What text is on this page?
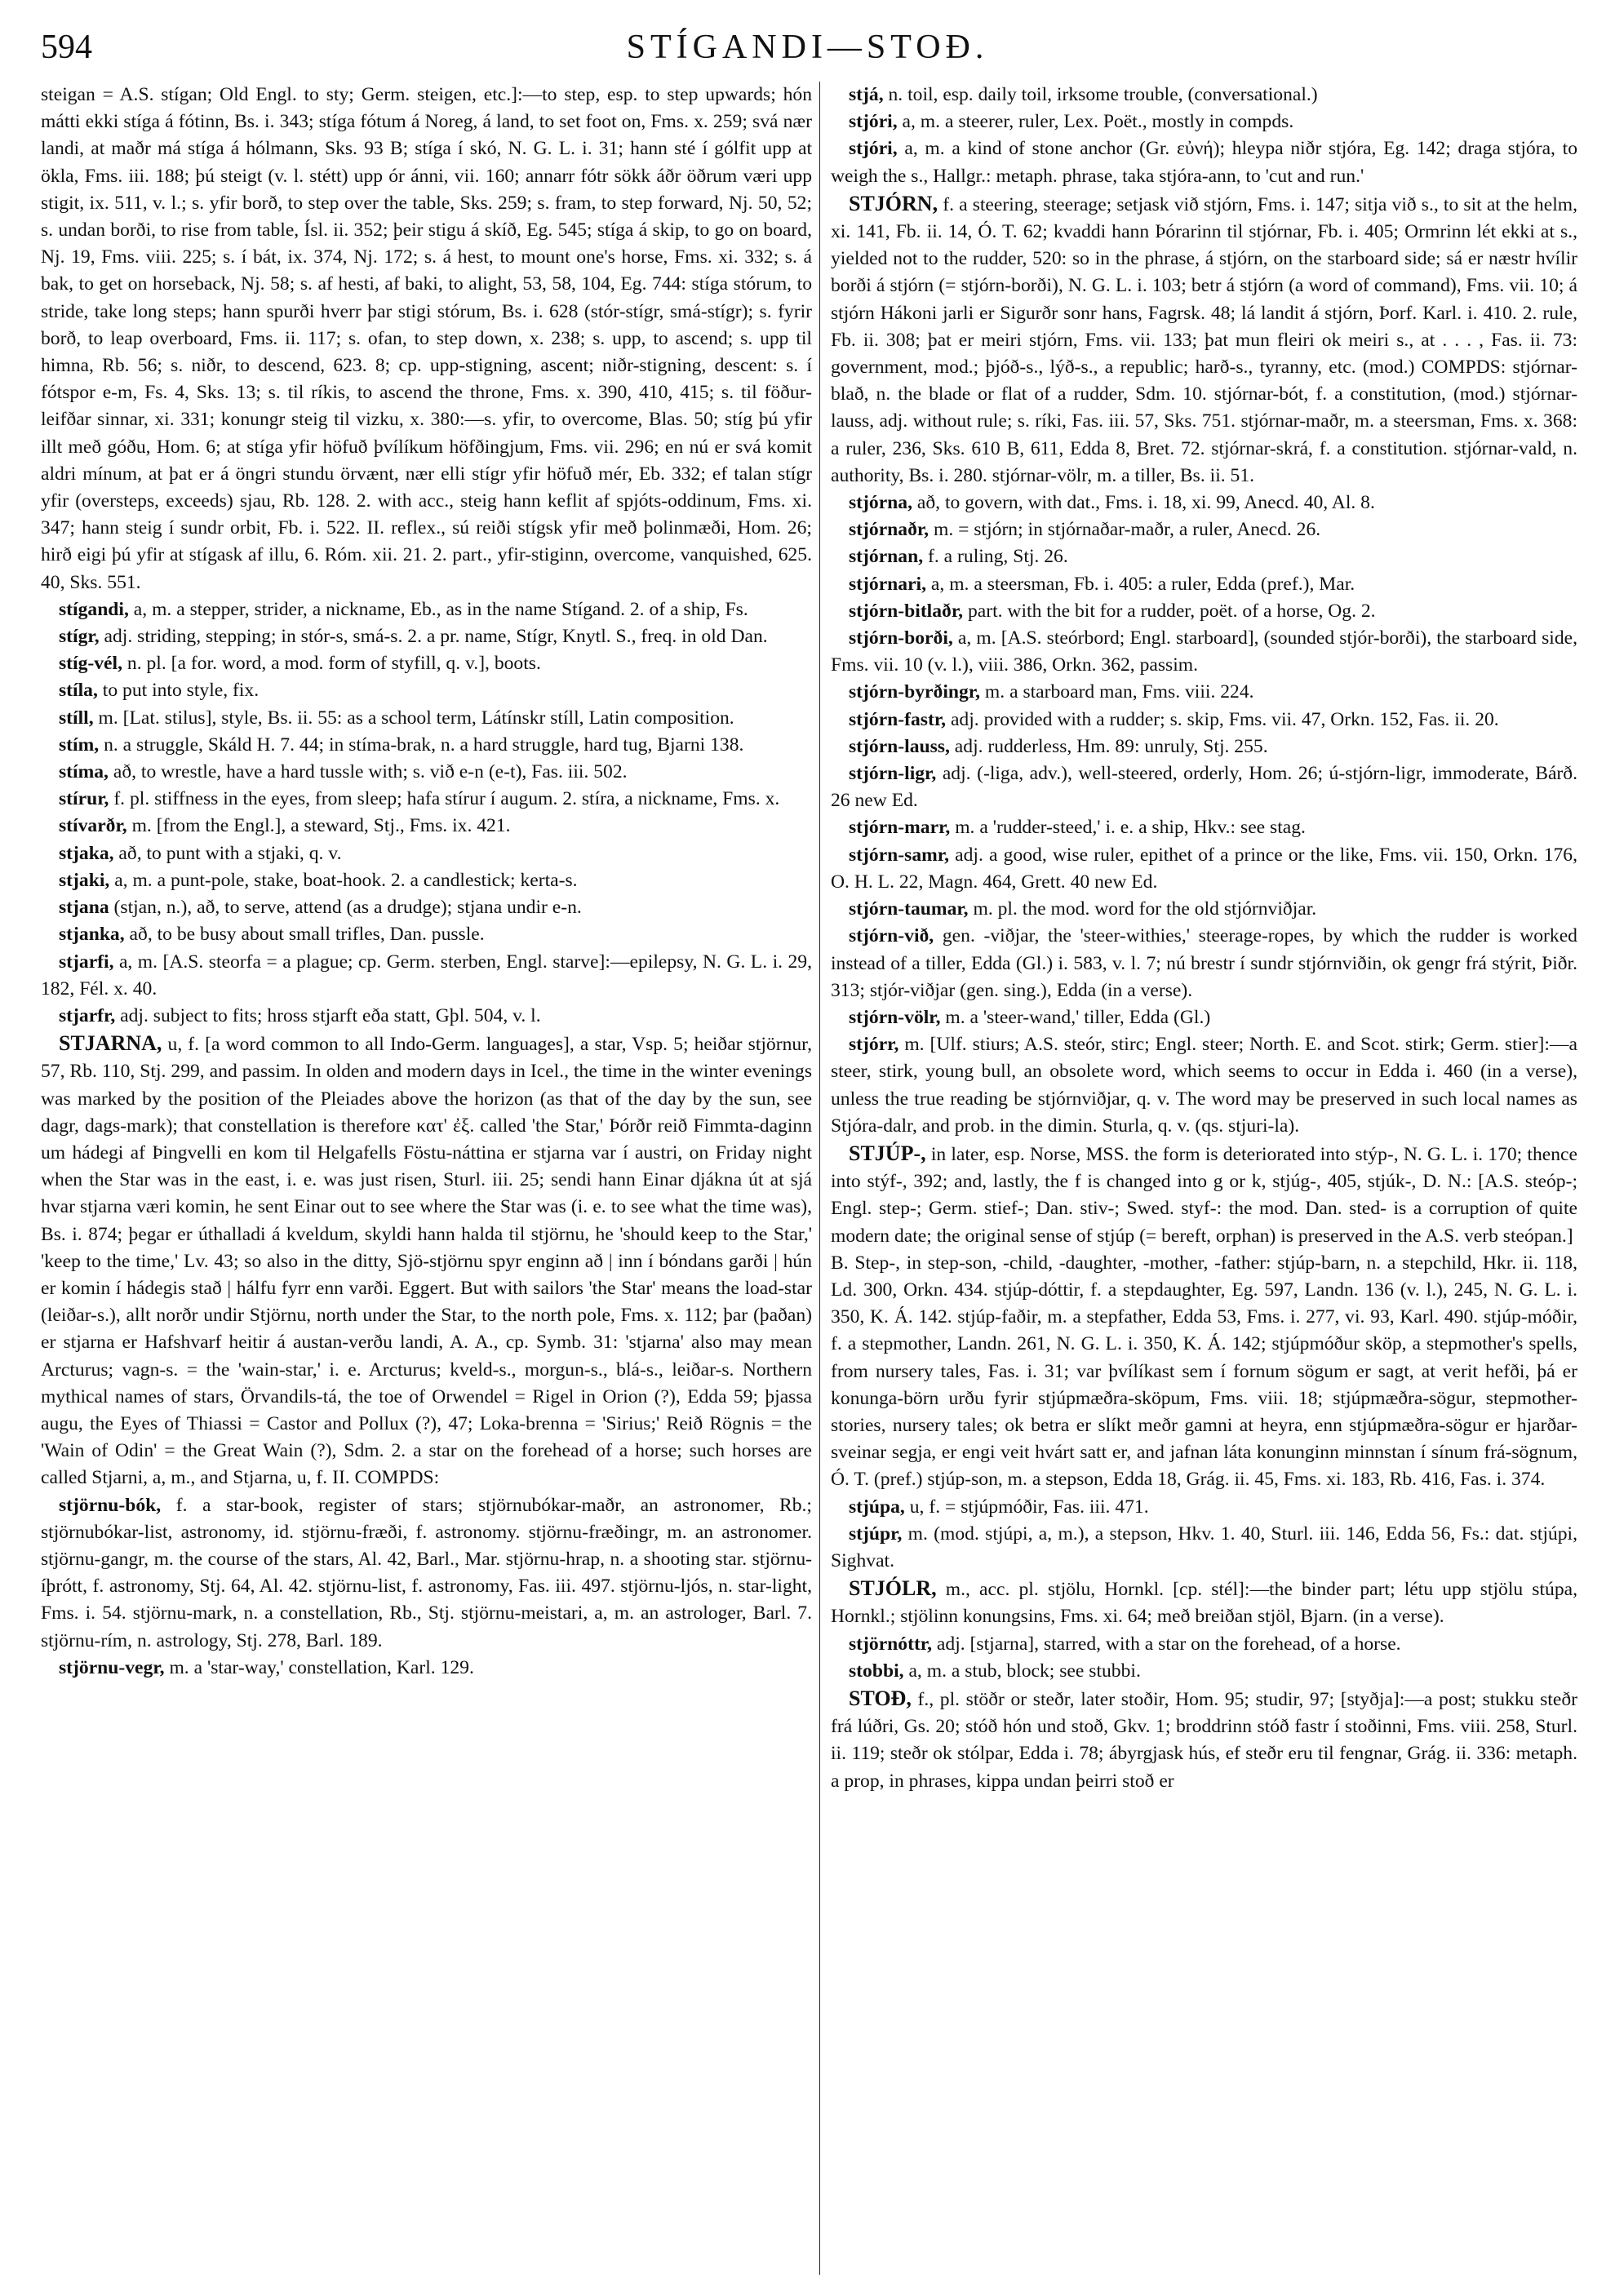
594	STÍGANDI—STOÐ.

steigan = A.S. stígan; Old Engl. to sty; Germ. steigen, etc.]:—to step, esp. to step upwards; hón mátti ekki stíga á fótinn, Bs. i. 343; stíga fótum á Noreg, á land, to set foot on, Fms. x. 259; svá nær landi, at maðr má stíga á hólmann, Sks. 93 B; stíga í skó, N. G. L. i. 31; hann sté í gólfit upp at ökla, Fms. iii. 188; þú steigt (v. l. stétt) upp ór ánni, vii. 160; annarr fótr sökk áðr öðrum væri upp stigit, ix. 511, v. l.; s. yfir borð, to step over the table, Sks. 259; s. fram, to step forward, Nj. 50, 52; s. undan borði, to rise from table, Ísl. ii. 352; þeir stigu á skíð, Eg. 545; stíga á skip, to go on board, Nj. 19, Fms. viii. 225; s. í bát, ix. 374, Nj. 172; s. á hest, to mount one's horse, Fms. xi. 332; s. á bak, to get on horseback, Nj. 58; s. af hesti, af baki, to alight, 53, 58, 104, Eg. 744: stíga stórum, to stride, take long steps; hann spurði hverr þar stigi stórum, Bs. i. 628 (stór-stígr, smá-stígr); s. fyrir borð, to leap overboard, Fms. ii. 117; s. ofan, to step down, x. 238; s. upp, to ascend; s. upp til himna, Rb. 56; s. niðr, to descend, 623. 8; cp. upp-stigning, ascent; niðr-stigning, descent: s. í fótspor e-m, Fs. 4, Sks. 13; s. til ríkis, to ascend the throne, Fms. x. 390, 410, 415; s. til föður-leifðar sinnar, xi. 331; konungr steig til vizku, x. 380:—s. yfir, to overcome, Blas. 50; stíg þú yfir illt með góðu, Hom. 6; at stíga yfir höfuð þvílíkum höfðingjum, Fms. vii. 296; en nú er svá komit aldri mínum, at þat er á öngri stundu örvænt, nær elli stígr yfir höfuð mér, Eb. 332; ef talan stígr yfir (oversteps, exceeds) sjau, Rb. 128. 2. with acc., steig hann keflit af spjóts-oddinum, Fms. xi. 347; hann steig í sundr orbit, Fb. i. 522. II. reflex., sú reiði stígsk yfir með þolinmæði, Hom. 26; hirð eigi þú yfir at stígask af illu, 6. Róm. xii. 21. 2. part., yfir-stiginn, overcome, vanquished, 625. 40, Sks. 551.

stígandi, a, m. a stepper, strider, a nickname, Eb., as in the name Stígand. 2. of a ship, Fs.

stígr, adj. striding, stepping; in stór-s, smá-s. 2. a pr. name, Stígr, Knytl. S., freq. in old Dan.

stíg-vél, n. pl. [a for. word, a mod. form of styfill, q. v.], boots.

stíla, to put into style, fix.

stíll, m. [Lat. stilus], style, Bs. ii. 55: as a school term, Látínskr stíll, Latin composition.

stím, n. a struggle, Skáld H. 7. 44; in stíma-brak, n. a hard struggle, hard tug, Bjarni 138.

stíma, að, to wrestle, have a hard tussle with; s. við e-n (e-t), Fas. iii. 502.

stírur, f. pl. stiffness in the eyes, from sleep; hafa stírur í augum. 2. stíra, a nickname, Fms. x.

stívarðr, m. [from the Engl.], a steward, Stj., Fms. ix. 421.

stjaka, að, to punt with a stjaki, q. v.

stjaki, a, m. a punt-pole, stake, boat-hook. 2. a candlestick; kerta-s.

stjana (stjan, n.), að, to serve, attend (as a drudge); stjana undir e-n.

stjanka, að, to be busy about small trifles, Dan. pussle.

stjarfi, a, m. [A.S. steorfa = a plague; cp. Germ. sterben, Engl. starve]:—epilepsy, N. G. L. i. 29, 182, Fél. x. 40.

stjarfr, adj. subject to fits; hross stjarft eða statt, Gþl. 504, v. l.

STJARNA, u, f. [a word common to all Indo-Germ. languages], a star, Vsp. 5; heiðar stjörnur, 57, Rb. 110, Stj. 299, and passim. In olden and modern days in Icel., the time in the winter evenings was marked by the position of the Pleiades above the horizon (as that of the day by the sun, see dagr, dags-mark); that constellation is therefore κατ' ἐξ. called 'the Star,' Þórðr reið Fimmta-daginn um hádegi af Þingvelli en kom til Helgafells Föstu-náttina er stjarna var í austri, on Friday night when the Star was in the east, i. e. was just risen, Sturl. iii. 25; sendi hann Einar djákna út at sjá hvar stjarna væri komin, he sent Einar out to see where the Star was (i. e. to see what the time was), Bs. i. 874; þegar er úthalladi á kveldum, skyldi hann halda til stjörnu, he 'should keep to the Star,' 'keep to the time,' Lv. 43; so also in the ditty, Sjö-stjörnu spyr enginn að | inn í bóndans garði | hún er komin í hádegis stað | hálfu fyrr enn varði. Eggert. But with sailors 'the Star' means the load-star (leiðar-s.), allt norðr undir Stjörnu, north under the Star, to the north pole, Fms. x. 112; þar (þaðan) er stjarna er Hafshvarf heitir á austan-verðu landi, A. A., cp. Symb. 31: 'stjarna' also may mean Arcturus; vagn-s. = the 'wain-star,' i. e. Arcturus; kveld-s., morgun-s., blá-s., leiðar-s. Northern mythical names of stars, Örvandils-tá, the toe of Orwendel = Rigel in Orion (?), Edda 59; þjassa augu, the Eyes of Thiassi = Castor and Pollux (?), 47; Loka-brenna = 'Sirius;' Reið Rögnis = the 'Wain of Odin' = the Great Wain (?), Sdm. 2. a star on the forehead of a horse; such horses are called Stjarni, a, m., and Stjarna, u, f. II. COMPDS:

stjörnu-bók, f. a star-book, register of stars; stjörnubókar-maðr, an astronomer, Rb.; stjörnubókar-list, astronomy, id. stjörnu-fræði, f. astronomy. stjörnu-fræðingr, m. an astronomer. stjörnu-gangr, m. the course of the stars, Al. 42, Barl., Mar. stjörnu-hrap, n. a shooting star. stjörnu-íþrótt, f. astronomy, Stj. 64, Al. 42. stjörnu-list, f. astronomy, Fas. iii. 497. stjörnu-ljós, n. star-light, Fms. i. 54. stjörnu-mark, n. a constellation, Rb., Stj. stjörnu-meistari, a, m. an astrologer, Barl. 7. stjörnu-rím, n. astrology, Stj. 278, Barl. 189.

stjörnu-vegr, m. a 'star-way,' constellation, Karl. 129.

stjá, n. toil, esp. daily toil, irksome trouble, (conversational.)

stjóri, a, m. a steerer, ruler, Lex. Poët., mostly in compds.

stjóri, a, m. a kind of stone anchor (Gr. εὐνή); hleypa niðr stjóra, Eg. 142; draga stjóra, to weigh the s., Hallgr.: metaph. phrase, taka stjóra-ann, to 'cut and run.'

STJÓRN, f. a steering, steerage; setjask við stjórn, Fms. i. 147; sitja við s., to sit at the helm, xi. 141, Fb. ii. 14, Ó. T. 62; kvaddi hann Þórarinn til stjórnar, Fb. i. 405; Ormrinn lét ekki at s., yielded not to the rudder, 520: so in the phrase, á stjórn, on the starboard side; sá er næstr hvílir borði á stjórn (= stjórn-borði), N. G. L. i. 103; betr á stjórn (a word of command), Fms. vii. 10; á stjórn Hákoni jarli er Sigurðr sonr hans, Fagrsk. 48; lá landit á stjórn, Þorf. Karl. i. 410. 2. rule, Fb. ii. 308; þat er meiri stjórn, Fms. vii. 133; þat mun fleiri ok meiri s., at . . . , Fas. ii. 73: government, mod.; þjóð-s., lýð-s., a republic; harð-s., tyranny, etc. (mod.) COMPDS: stjórnar-blað, n. the blade or flat of a rudder, Sdm. 10. stjórnar-bót, f. a constitution, (mod.) stjórnar-lauss, adj. without rule; s. ríki, Fas. iii. 57, Sks. 751. stjórnar-maðr, m. a steersman, Fms. x. 368: a ruler, 236, Sks. 610 B, 611, Edda 8, Bret. 72. stjórnar-skrá, f. a constitution. stjórnar-vald, n. authority, Bs. i. 280. stjórnar-völr, m. a tiller, Bs. ii. 51.

stjórna, að, to govern, with dat., Fms. i. 18, xi. 99, Anecd. 40, Al. 8.

stjórnaðr, m. = stjórn; in stjórnaðar-maðr, a ruler, Anecd. 26.

stjórnan, f. a ruling, Stj. 26.

stjórnari, a, m. a steersman, Fb. i. 405: a ruler, Edda (pref.), Mar.

stjórn-bitlaðr, part. with the bit for a rudder, poët. of a horse, Og. 2.

stjórn-borði, a, m. [A.S. steórbord; Engl. starboard], (sounded stjór-borði), the starboard side, Fms. vii. 10 (v. l.), viii. 386, Orkn. 362, passim.

stjórn-byrðingr, m. a starboard man, Fms. viii. 224.

stjórn-fastr, adj. provided with a rudder; s. skip, Fms. vii. 47, Orkn. 152, Fas. ii. 20.

stjórn-lauss, adj. rudderless, Hm. 89: unruly, Stj. 255.

stjórn-ligr, adj. (-liga, adv.), well-steered, orderly, Hom. 26; ú-stjórn-ligr, immoderate, Bárð. 26 new Ed.

stjórn-marr, m. a 'rudder-steed,' i. e. a ship, Hkv.: see stag.

stjórn-samr, adj. a good, wise ruler, epithet of a prince or the like, Fms. vii. 150, Orkn. 176, O. H. L. 22, Magn. 464, Grett. 40 new Ed.

stjórn-taumar, m. pl. the mod. word for the old stjórnviðjar.

stjórn-við, gen. -viðjar, the 'steer-withies,' steerage-ropes, by which the rudder is worked instead of a tiller, Edda (Gl.) i. 583, v. l. 7; nú brestr í sundr stjórnviðin, ok gengr frá stýrit, Þiðr. 313; stjór-viðjar (gen. sing.), Edda (in a verse).

stjórn-völr, m. a 'steer-wand,' tiller, Edda (Gl.)

stjórr, m. [Ulf. stiurs; A.S. steór, stirc; Engl. steer; North. E. and Scot. stirk; Germ. stier]:—a steer, stirk, young bull, an obsolete word, which seems to occur in Edda i. 460 (in a verse), unless the true reading be stjórnviðjar, q. v. The word may be preserved in such local names as Stjóra-dalr, and prob. in the dimin. Sturla, q. v. (qs. stjuri-la).

STJÚP-, in later, esp. Norse, MSS. the form is deteriorated into stýp-, N. G. L. i. 170; thence into stýf-, 392; and, lastly, the f is changed into g or k, stjúg-, 405, stjúk-, D. N.: [A.S. steóp-; Engl. step-; Germ. stief-; Dan. stiv-; Swed. styf-: the mod. Dan. sted- is a corruption of quite modern date; the original sense of stjúp (= bereft, orphan) is preserved in the A.S. verb steópan.]

B. Step-, in step-son, -child, -daughter, -mother, -father: stjúp-barn, n. a stepchild, Hkr. ii. 118, Ld. 300, Orkn. 434. stjúp-dóttir, f. a stepdaughter, Eg. 597, Landn. 136 (v. l.), 245, N. G. L. i. 350, K. Á. 142. stjúp-faðir, m. a stepfather, Edda 53, Fms. i. 277, vi. 93, Karl. 490. stjúp-móðir, f. a stepmother, Landn. 261, N. G. L. i. 350, K. Á. 142; stjúpmóður sköp, a stepmother's spells, from nursery tales, Fas. i. 31; var þvílíkast sem í fornum sögum er sagt, at verit hefði, þá er konunga-börn urðu fyrir stjúpmæðra-sköpum, Fms. viii. 18; stjúpmæðra-sögur, stepmother-stories, nursery tales; ok betra er slíkt meðr gamni at heyra, enn stjúpmæðra-sögur er hjarðar-sveinar segja, er engi veit hvárt satt er, and jafnan láta konunginn minnstan í sínum frá-sögnum, Ó. T. (pref.) stjúp-son, m. a stepson, Edda 18, Grág. ii. 45, Fms. xi. 183, Rb. 416, Fas. i. 374.

stjúpa, u, f. = stjúpmóðir, Fas. iii. 471.

stjúpr, m. (mod. stjúpi, a, m.), a stepson, Hkv. 1. 40, Sturl. iii. 146, Edda 56, Fs.: dat. stjúpi, Sighvat.

STJÓLR, m., acc. pl. stjölu, Hornkl. [cp. stél]:—the binder part; létu upp stjölu stúpa, Hornkl.; stjölinn konungsins, Fms. xi. 64; með breiðan stjöl, Bjarn. (in a verse).

stjörnóttr, adj. [stjarna], starred, with a star on the forehead, of a horse.

stobbi, a, m. a stub, block; see stubbi.

STOÐ, f., pl. stöðr or steðr, later stoðir, Hom. 95; studir, 97; [styðja]:—a post; stukku steðr frá lúðri, Gs. 20; stóð hón und stoð, Gkv. 1; broddrinn stóð fastr í stoðinni, Fms. viii. 258, Sturl. ii. 119; steðr ok stólpar, Edda i. 78; ábyrgjask hús, ef steðr eru til fengnar, Grág. ii. 336: metaph. a prop, in phrases, kippa undan þeirri stoð er
